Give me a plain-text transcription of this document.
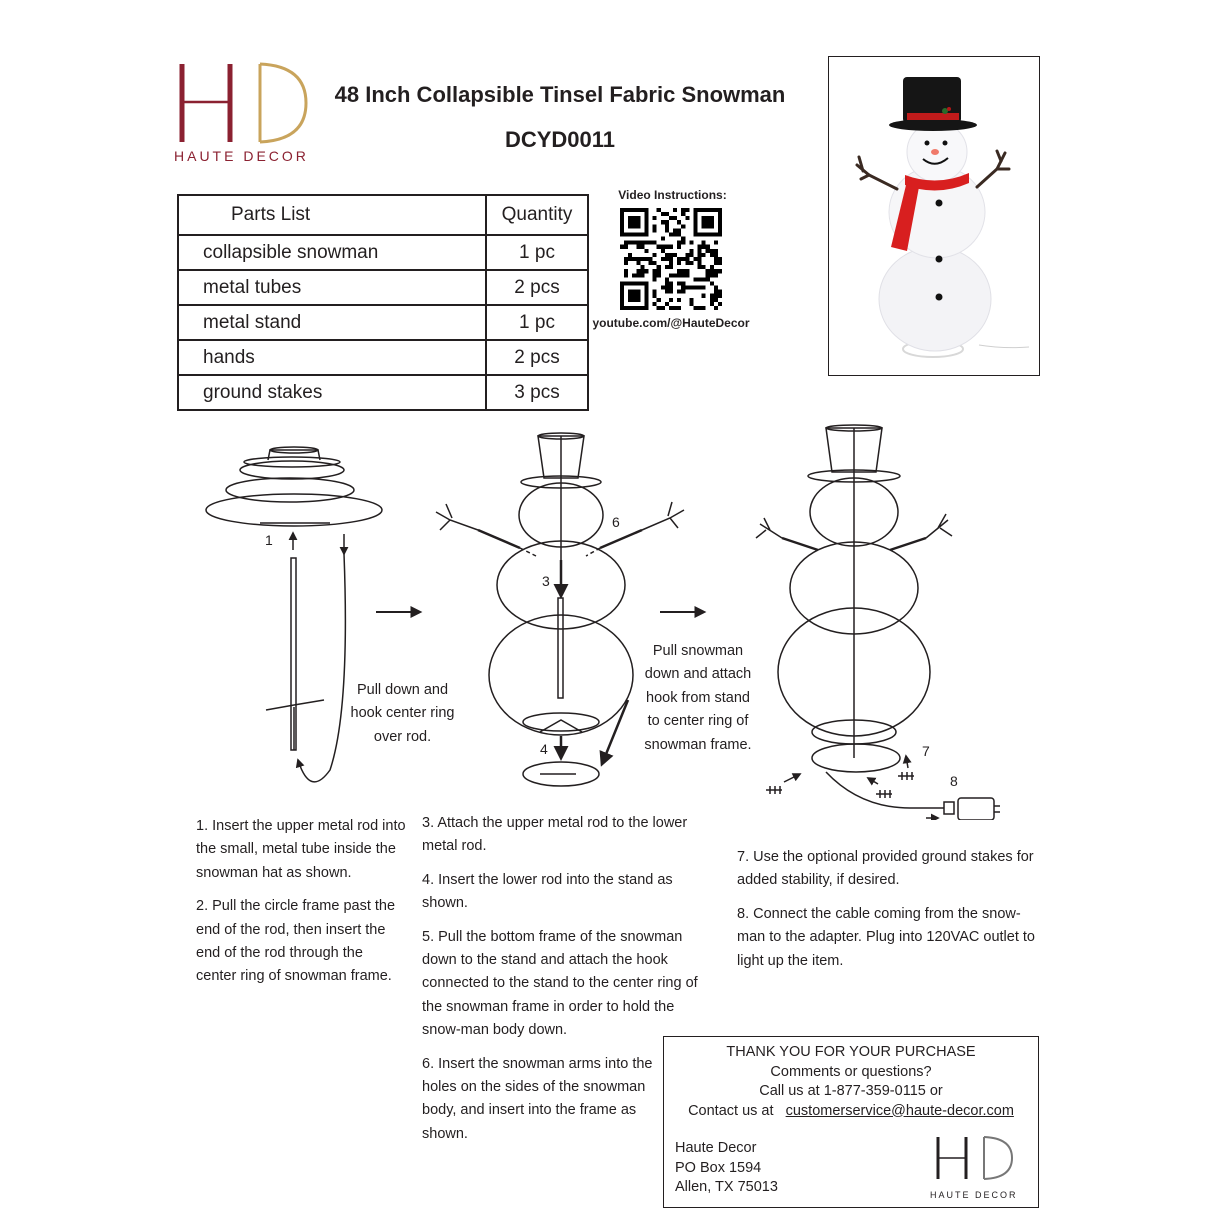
HAUTE DECOR
48 Inch Collapsible Tinsel Fabric Snowman
DCYD0011
Parts List	Quantity
collapsible snowman	1 pc
metal tubes	2 pcs
metal stand	1 pc
hands	2 pcs
ground stakes	3 pcs
Video Instructions:
youtube.com/@HauteDecor
1
3
4
6
7
8
Pull down and
hook center ring
over rod.
Pull snowman
down and attach
hook from stand
to center ring of
snowman frame.

1. Insert the upper metal rod into the small, metal tube inside the snowman hat as shown.

2. Pull the circle frame past the end of the rod, then insert the end of the rod through the center ring of snowman frame.

3. Attach the upper metal rod to the lower metal rod.

4. Insert the lower rod into the stand as shown.

5. Pull the bottom frame of the snowman down to the stand and attach the hook connected to the stand to the center ring of the snowman frame in order to hold the snow-man body down.

6. Insert the snowman arms into the holes on the sides of the snowman body, and insert into the frame as shown.

7. Use the optional provided ground stakes for added stability, if desired.

8. Connect the cable coming from the snow-man to the adapter. Plug into 120VAC outlet to light up the item.

THANK YOU FOR YOUR PURCHASE
Comments or questions?
Call us at 1-877-359-0115 or
Contact us at customerservice@haute-decor.com
Haute Decor
PO Box 1594
Allen, TX 75013	HAUTE DECOR
